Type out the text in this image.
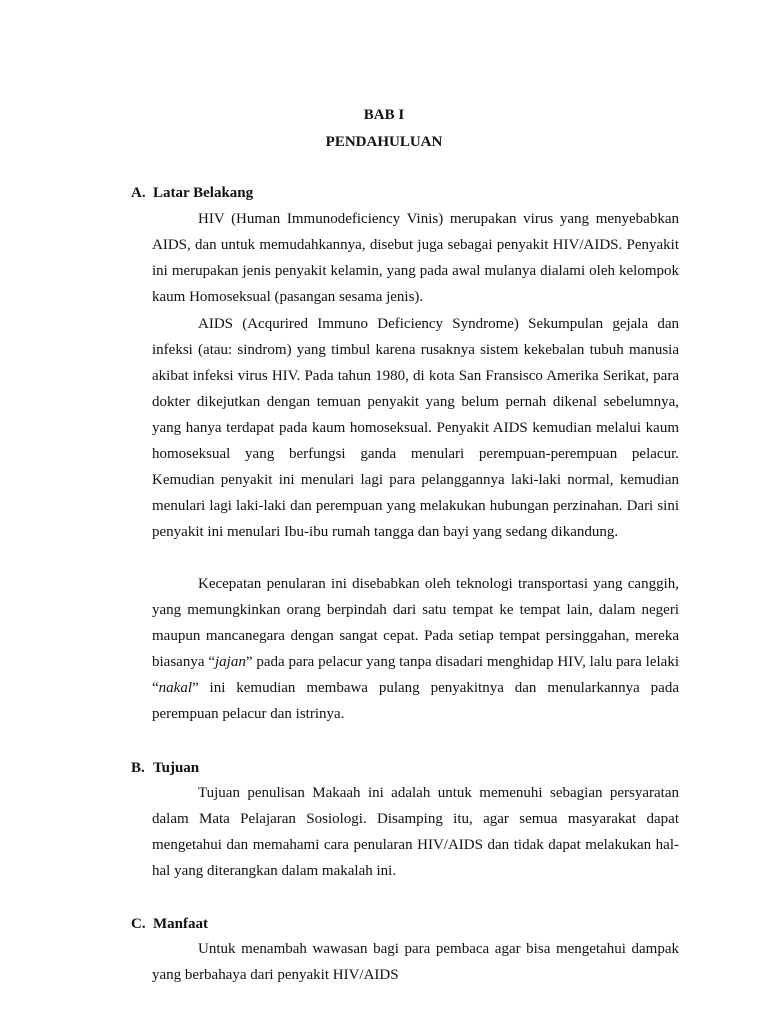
BAB I
PENDAHULUAN
A. Latar Belakang

HIV (Human Immunodeficiency Vinis) merupakan virus yang menyebabkan AIDS, dan untuk memudahkannya, disebut juga sebagai penyakit HIV/AIDS. Penyakit ini merupakan jenis penyakit kelamin, yang pada awal mulanya dialami oleh kelompok kaum Homoseksual (pasangan sesama jenis).

AIDS (Acqurired Immuno Deficiency Syndrome) Sekumpulan gejala dan infeksi (atau: sindrom) yang timbul karena rusaknya sistem kekebalan tubuh manusia akibat infeksi virus HIV. Pada tahun 1980, di kota San Fransisco Amerika Serikat, para dokter dikejutkan dengan temuan penyakit yang belum pernah dikenal sebelumnya, yang hanya terdapat pada kaum homoseksual. Penyakit AIDS kemudian melalui kaum homoseksual yang berfungsi ganda menulari perempuan-perempuan pelacur. Kemudian penyakit ini menulari lagi para pelanggannya laki-laki normal, kemudian menulari lagi laki-laki dan perempuan yang melakukan hubungan perzinahan. Dari sini penyakit ini menulari Ibu-ibu rumah tangga dan bayi yang sedang dikandung.

Kecepatan penularan ini disebabkan oleh teknologi transportasi yang canggih, yang memungkinkan orang berpindah dari satu tempat ke tempat lain, dalam negeri maupun mancanegara dengan sangat cepat. Pada setiap tempat persinggahan, mereka biasanya “jajan” pada para pelacur yang tanpa disadari menghidap HIV, lalu para lelaki “nakal” ini kemudian membawa pulang penyakitnya dan menularkannya pada perempuan pelacur dan istrinya.

B. Tujuan

Tujuan penulisan Makaah ini adalah untuk memenuhi sebagian persyaratan dalam Mata Pelajaran Sosiologi. Disamping itu, agar semua masyarakat dapat mengetahui dan memahami cara penularan HIV/AIDS dan tidak dapat melakukan hal-hal yang diterangkan dalam makalah ini.

C. Manfaat

Untuk menambah wawasan bagi para pembaca agar bisa mengetahui dampak yang berbahaya dari penyakit HIV/AIDS
